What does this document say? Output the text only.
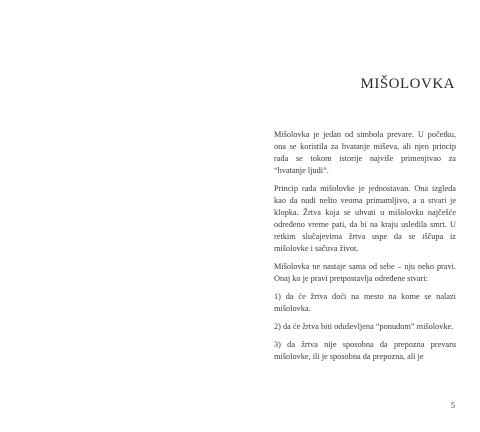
MIŠOLOVKA

Mišolovka je jedan od simbola prevare. U početku, ona se koristila za hvatanje miševa, ali njen princip rada se tokom istorije najviše primenjivao za “hvatanje ljudi”.

Princip rada mišolovke je jednostavan. Ona izgleda kao da nudi nešto veoma primamljivo, a u stvari je klopka. Žrtva koja se uhvati u mišolovku najčešće određeno vreme pati, da bi na kraju usledila smrt. U retkim slučajevima žrtva uspe da se iščupa iz mišolovke i sačuva život.

Mišolovka ne nastaje sama od sebe – nju neko pravi. Onaj ko je pravi pretpostavlja određene stvari:

1) da će žrtva doći na mesto na kome se nalazi mišolovka.

2) da će žrtva biti oduševljena “ponudom” mišolovke.

3) da žrtva nije sposobna da prepozna prevaru mišolovke, ili je sposobna da prepozna, ali je

5
